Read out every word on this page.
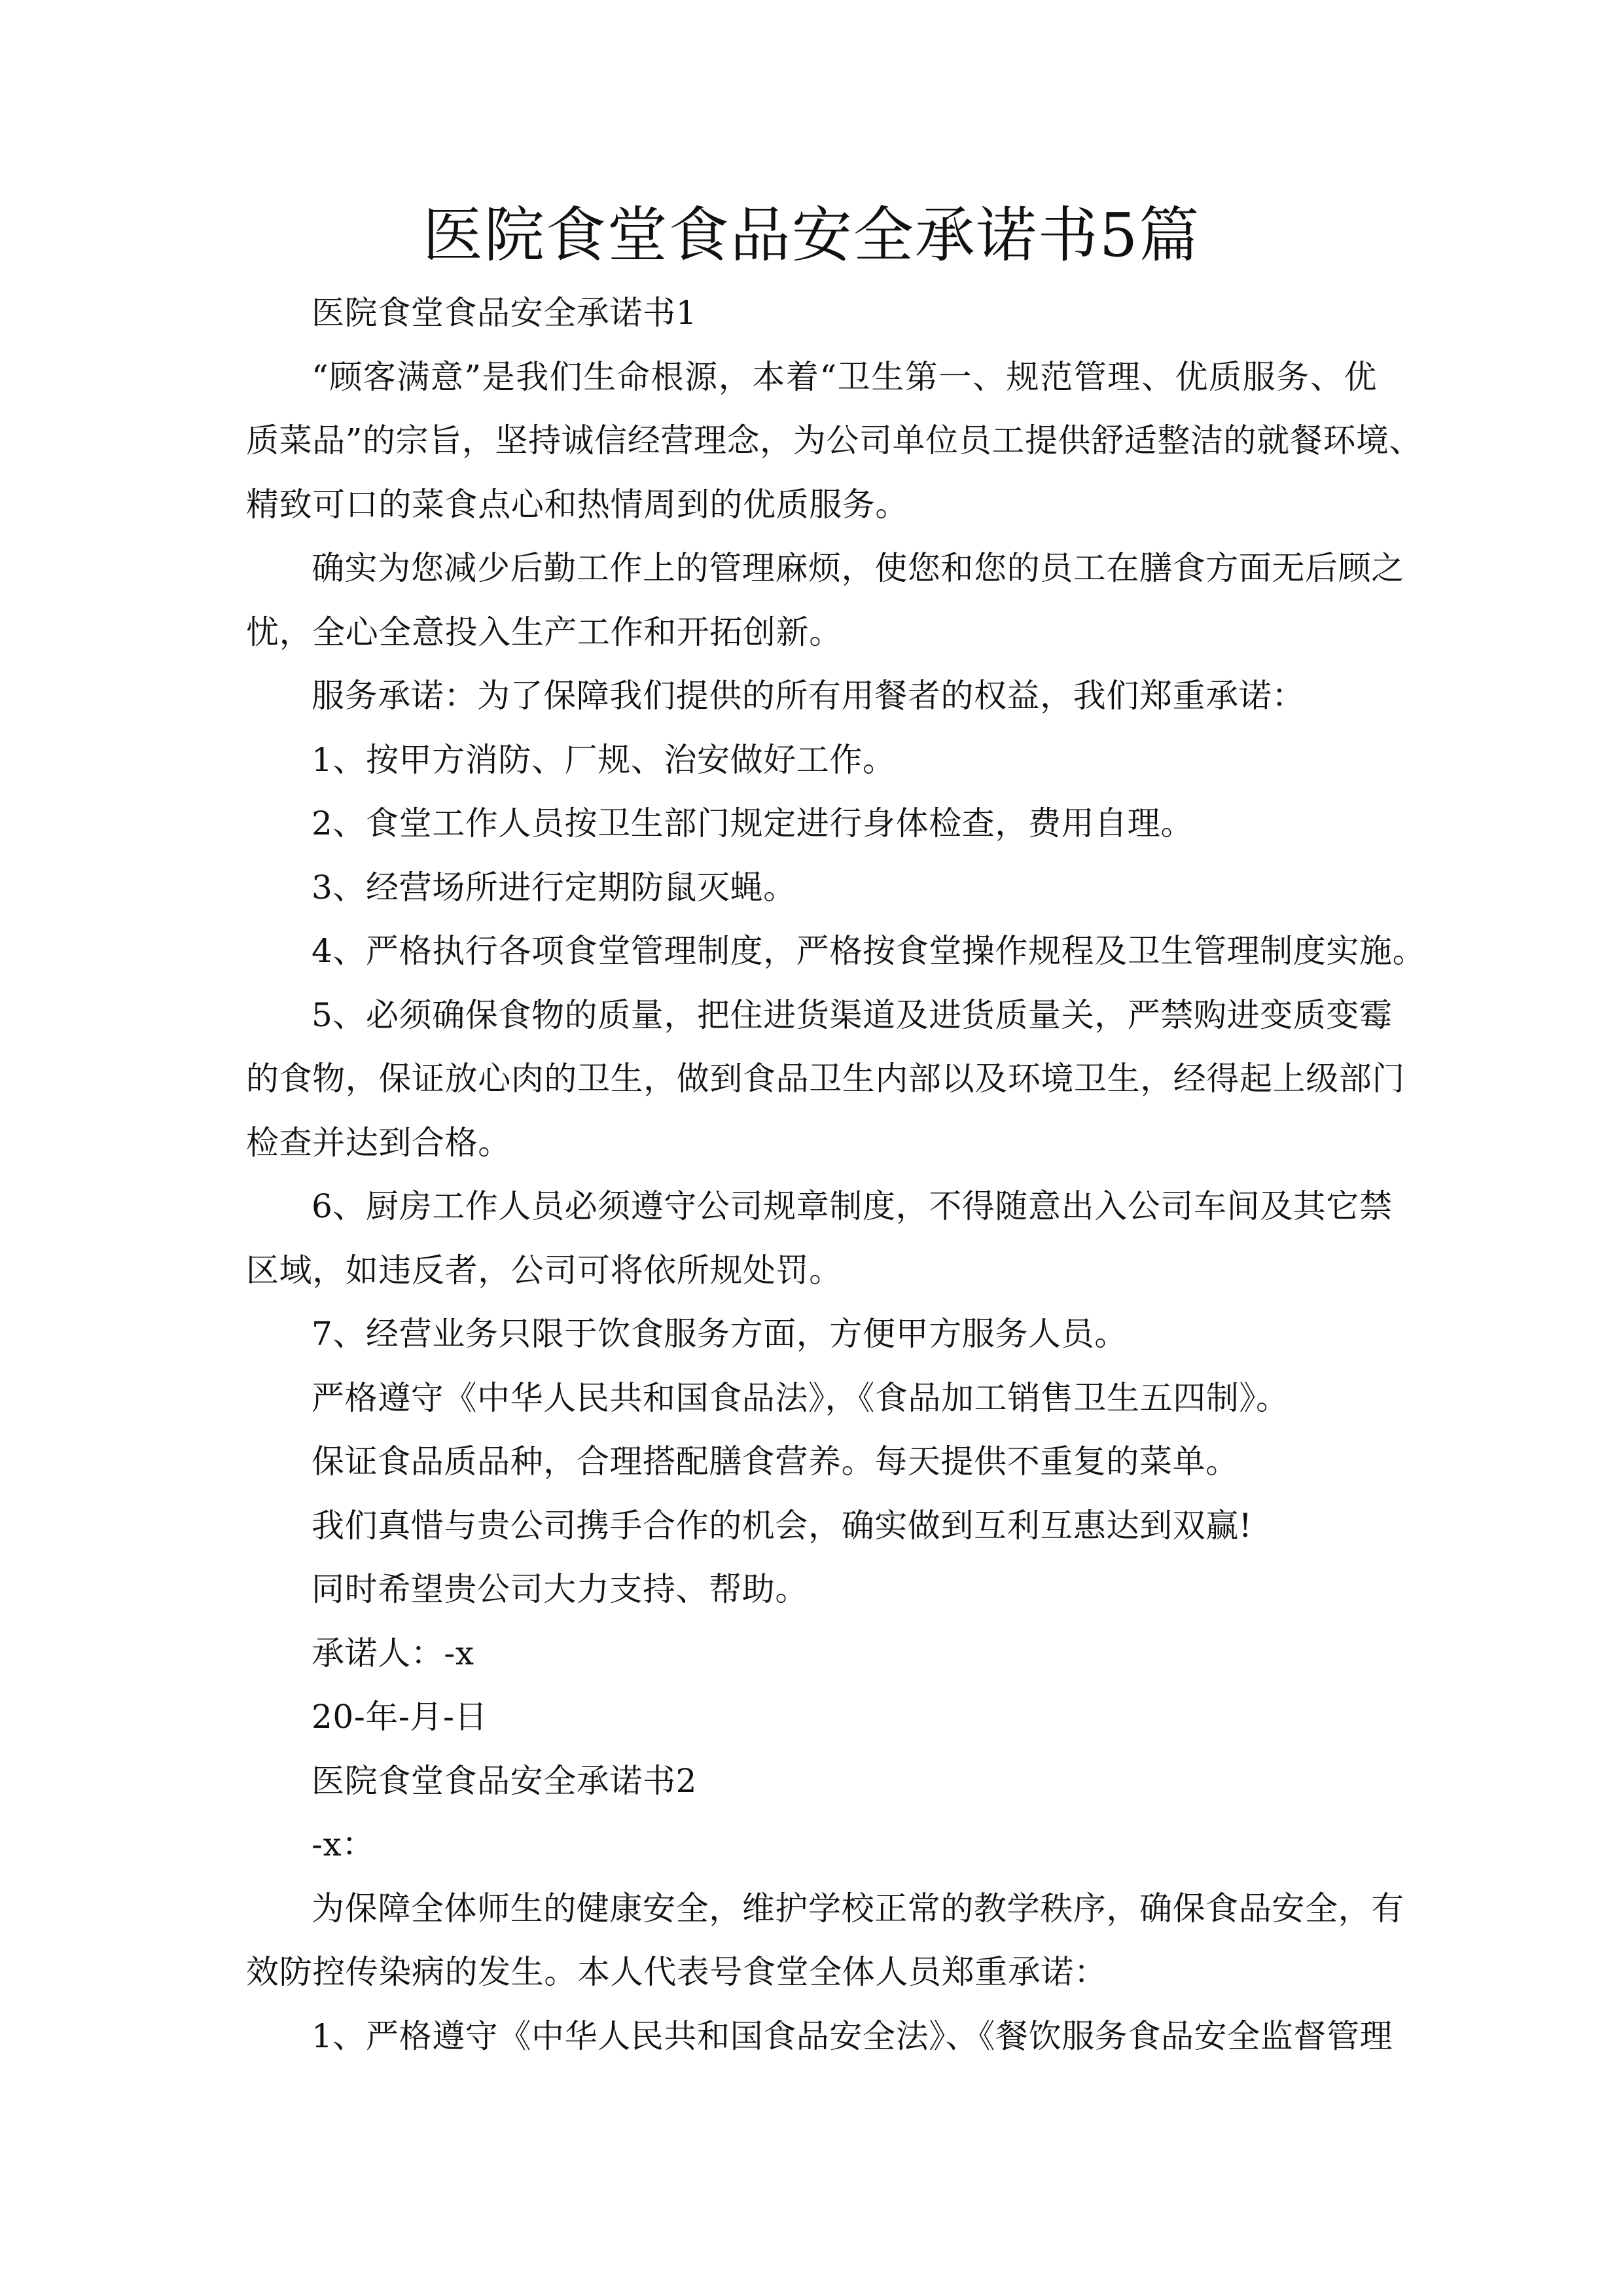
医院食堂食品安全承诺书5篇
医院食堂食品安全承诺书1
“顾客满意”是我们生命根源，本着“卫生第一、规范管理、优质服务、优
质菜品”的宗旨，坚持诚信经营理念，为公司单位员工提供舒适整洁的就餐环境、
精致可口的菜食点心和热情周到的优质服务。
确实为您减少后勤工作上的管理麻烦，使您和您的员工在膳食方面无后顾之
忧，全心全意投入生产工作和开拓创新。
服务承诺：为了保障我们提供的所有用餐者的权益，我们郑重承诺：
1、按甲方消防、厂规、治安做好工作。
2、食堂工作人员按卫生部门规定进行身体检查，费用自理。
3、经营场所进行定期防鼠灭蝇。
4、严格执行各项食堂管理制度，严格按食堂操作规程及卫生管理制度实施。
5、必须确保食物的质量，把住进货渠道及进货质量关，严禁购进变质变霉
的食物，保证放心肉的卫生，做到食品卫生内部以及环境卫生，经得起上级部门
检查并达到合格。
6、厨房工作人员必须遵守公司规章制度，不得随意出入公司车间及其它禁
区域，如违反者，公司可将依所规处罚。
7、经营业务只限于饮食服务方面，方便甲方服务人员。
严格遵守《中华人民共和国食品法》，《食品加工销售卫生五四制》。
保证食品质品种，合理搭配膳食营养。每天提供不重复的菜单。
我们真惜与贵公司携手合作的机会，确实做到互利互惠达到双赢!
同时希望贵公司大力支持、帮助。
承诺人：-x
20-年-月-日
医院食堂食品安全承诺书2
-x：
为保障全体师生的健康安全，维护学校正常的教学秩序，确保食品安全，有
效防控传染病的发生。本人代表号食堂全体人员郑重承诺：
1、严格遵守《中华人民共和国食品安全法》、《餐饮服务食品安全监督管理
